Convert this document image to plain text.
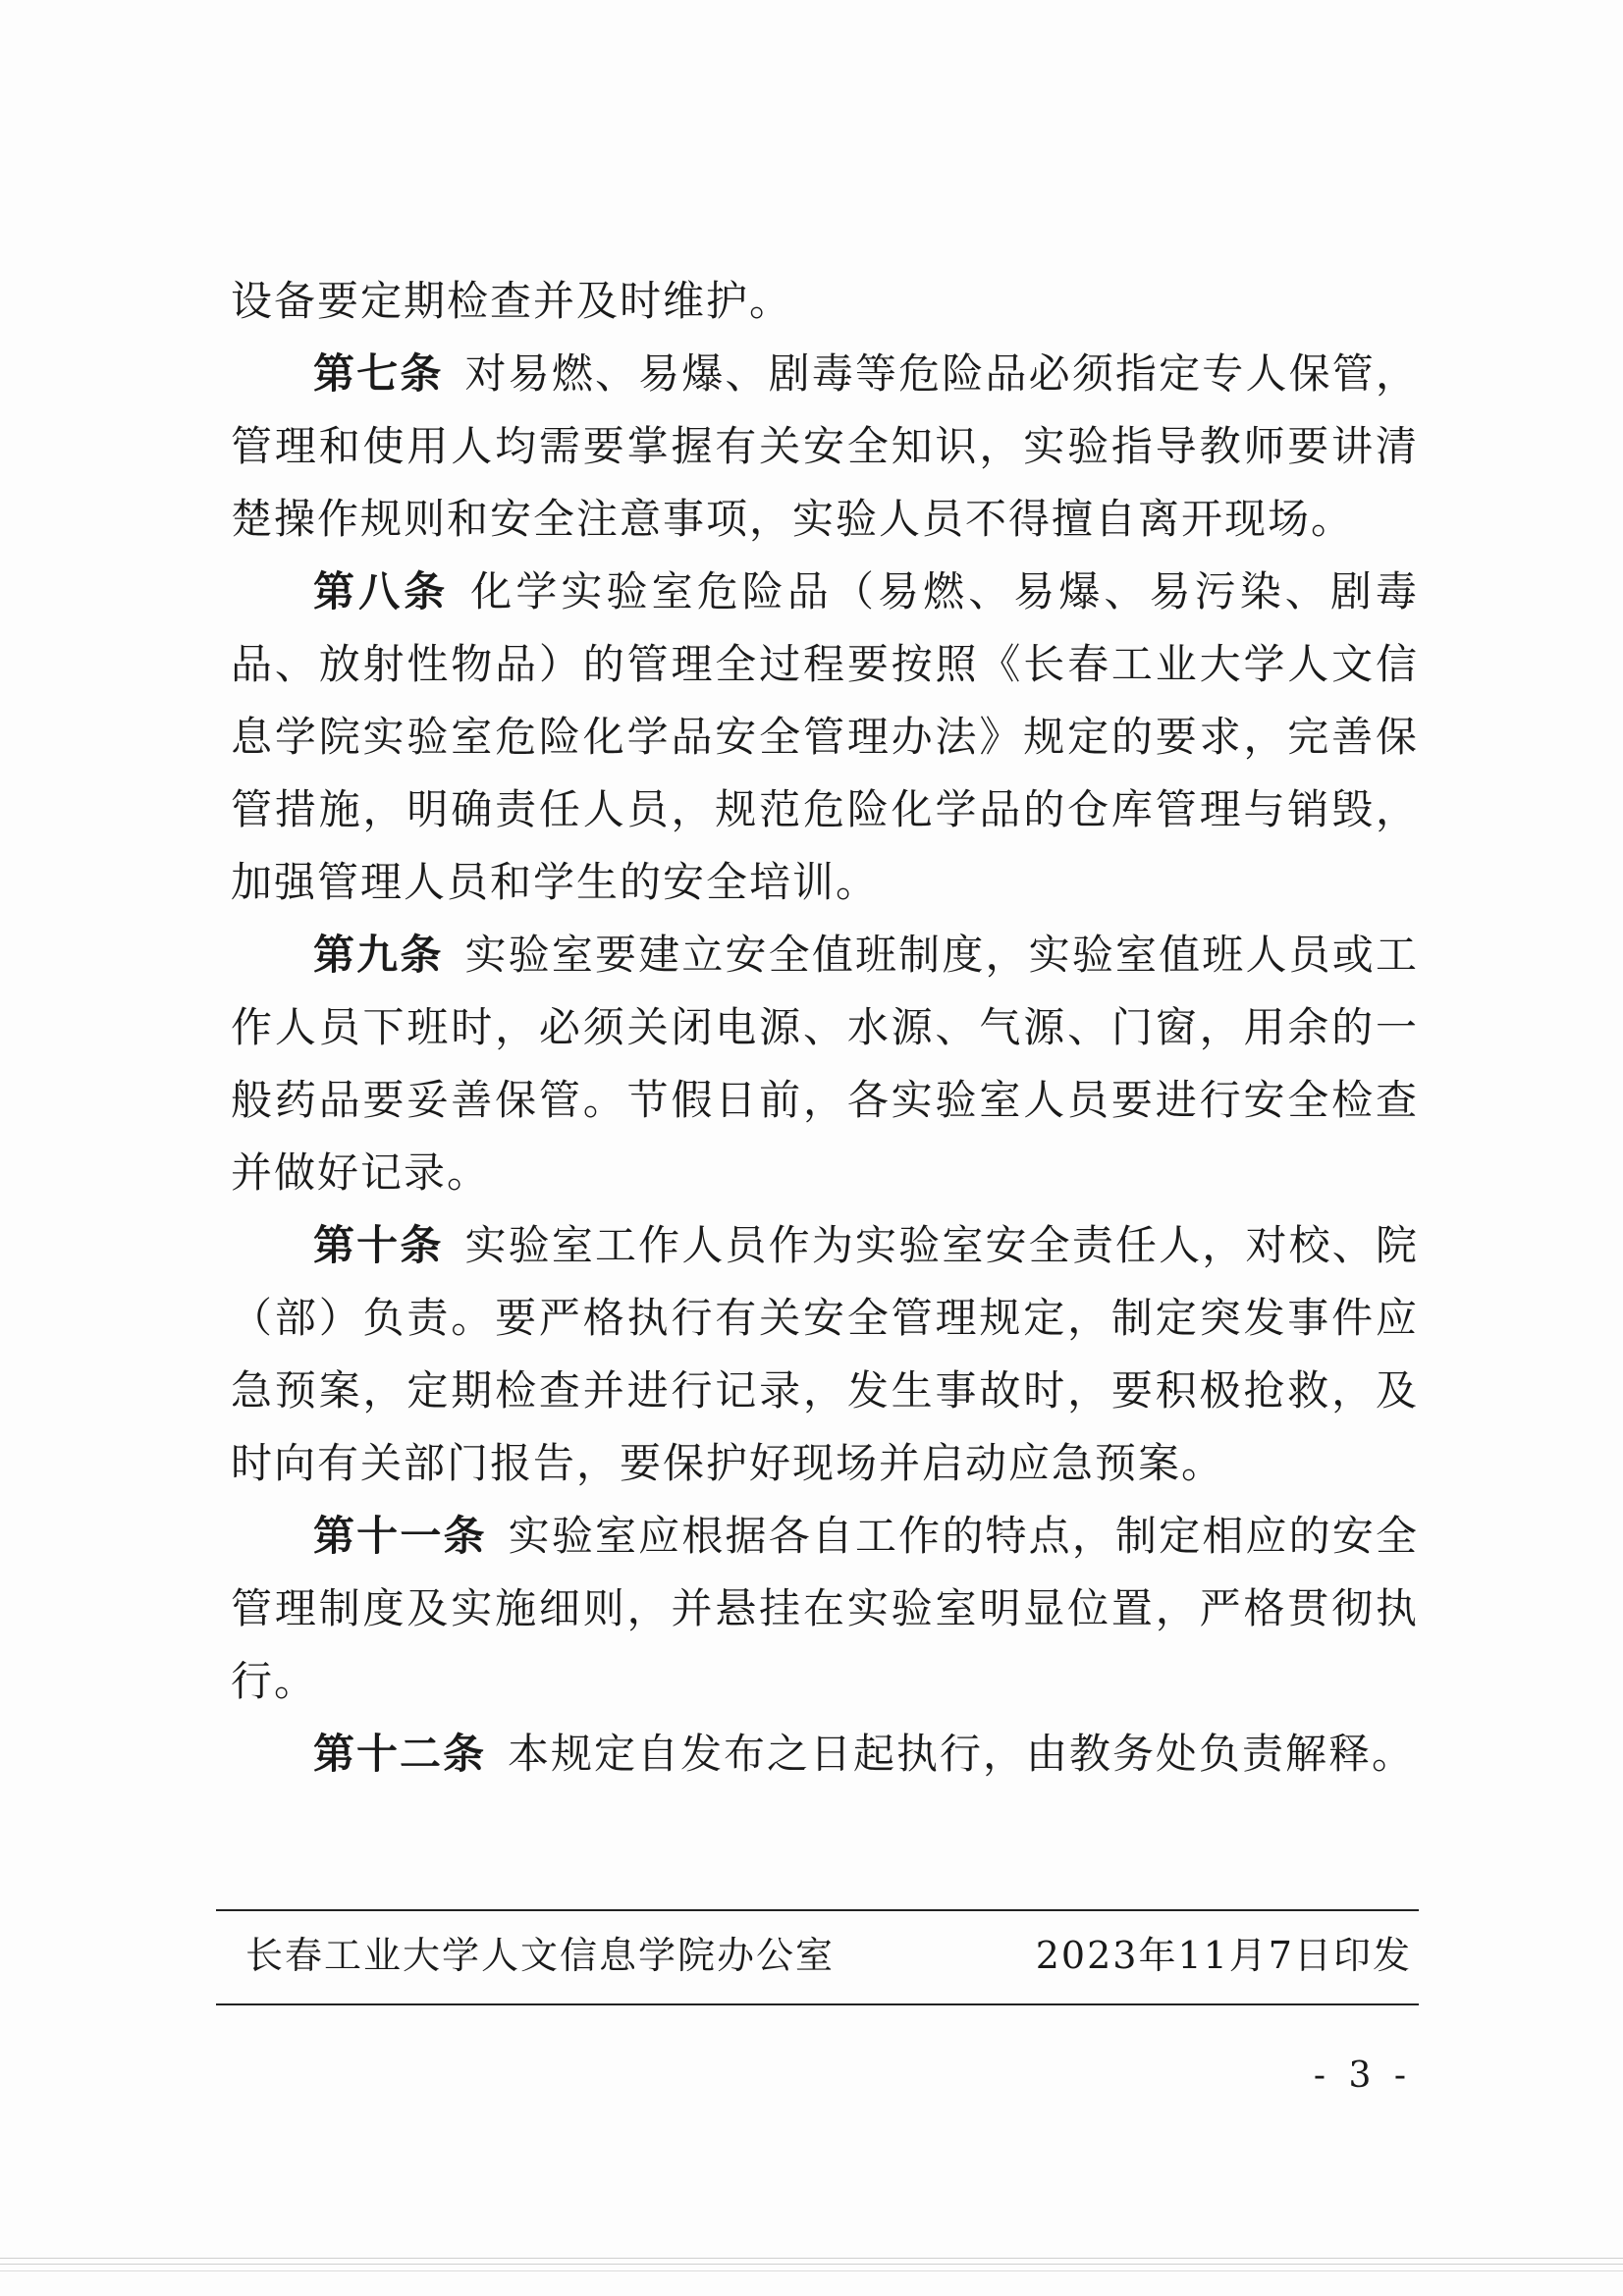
设备要定期检查并及时维护。

第七条 对易燃、易爆、剧毒等危险品必须指定专人保管，管理和使用人均需要掌握有关安全知识，实验指导教师要讲清楚操作规则和安全注意事项，实验人员不得擅自离开现场。

第八条 化学实验室危险品（易燃、易爆、易污染、剧毒品、放射性物品）的管理全过程要按照《长春工业大学人文信息学院实验室危险化学品安全管理办法》规定的要求，完善保管措施，明确责任人员，规范危险化学品的仓库管理与销毁，加强管理人员和学生的安全培训。

第九条 实验室要建立安全值班制度，实验室值班人员或工作人员下班时，必须关闭电源、水源、气源、门窗，用余的一般药品要妥善保管。节假日前，各实验室人员要进行安全检查并做好记录。

第十条 实验室工作人员作为实验室安全责任人，对校、院（部）负责。要严格执行有关安全管理规定，制定突发事件应急预案，定期检查并进行记录，发生事故时，要积极抢救，及时向有关部门报告，要保护好现场并启动应急预案。

第十一条 实验室应根据各自工作的特点，制定相应的安全管理制度及实施细则，并悬挂在实验室明显位置，严格贯彻执行。

第十二条 本规定自发布之日起执行，由教务处负责解释。

长春工业大学人文信息学院办公室	2023年11月7日印发
- 3 -
